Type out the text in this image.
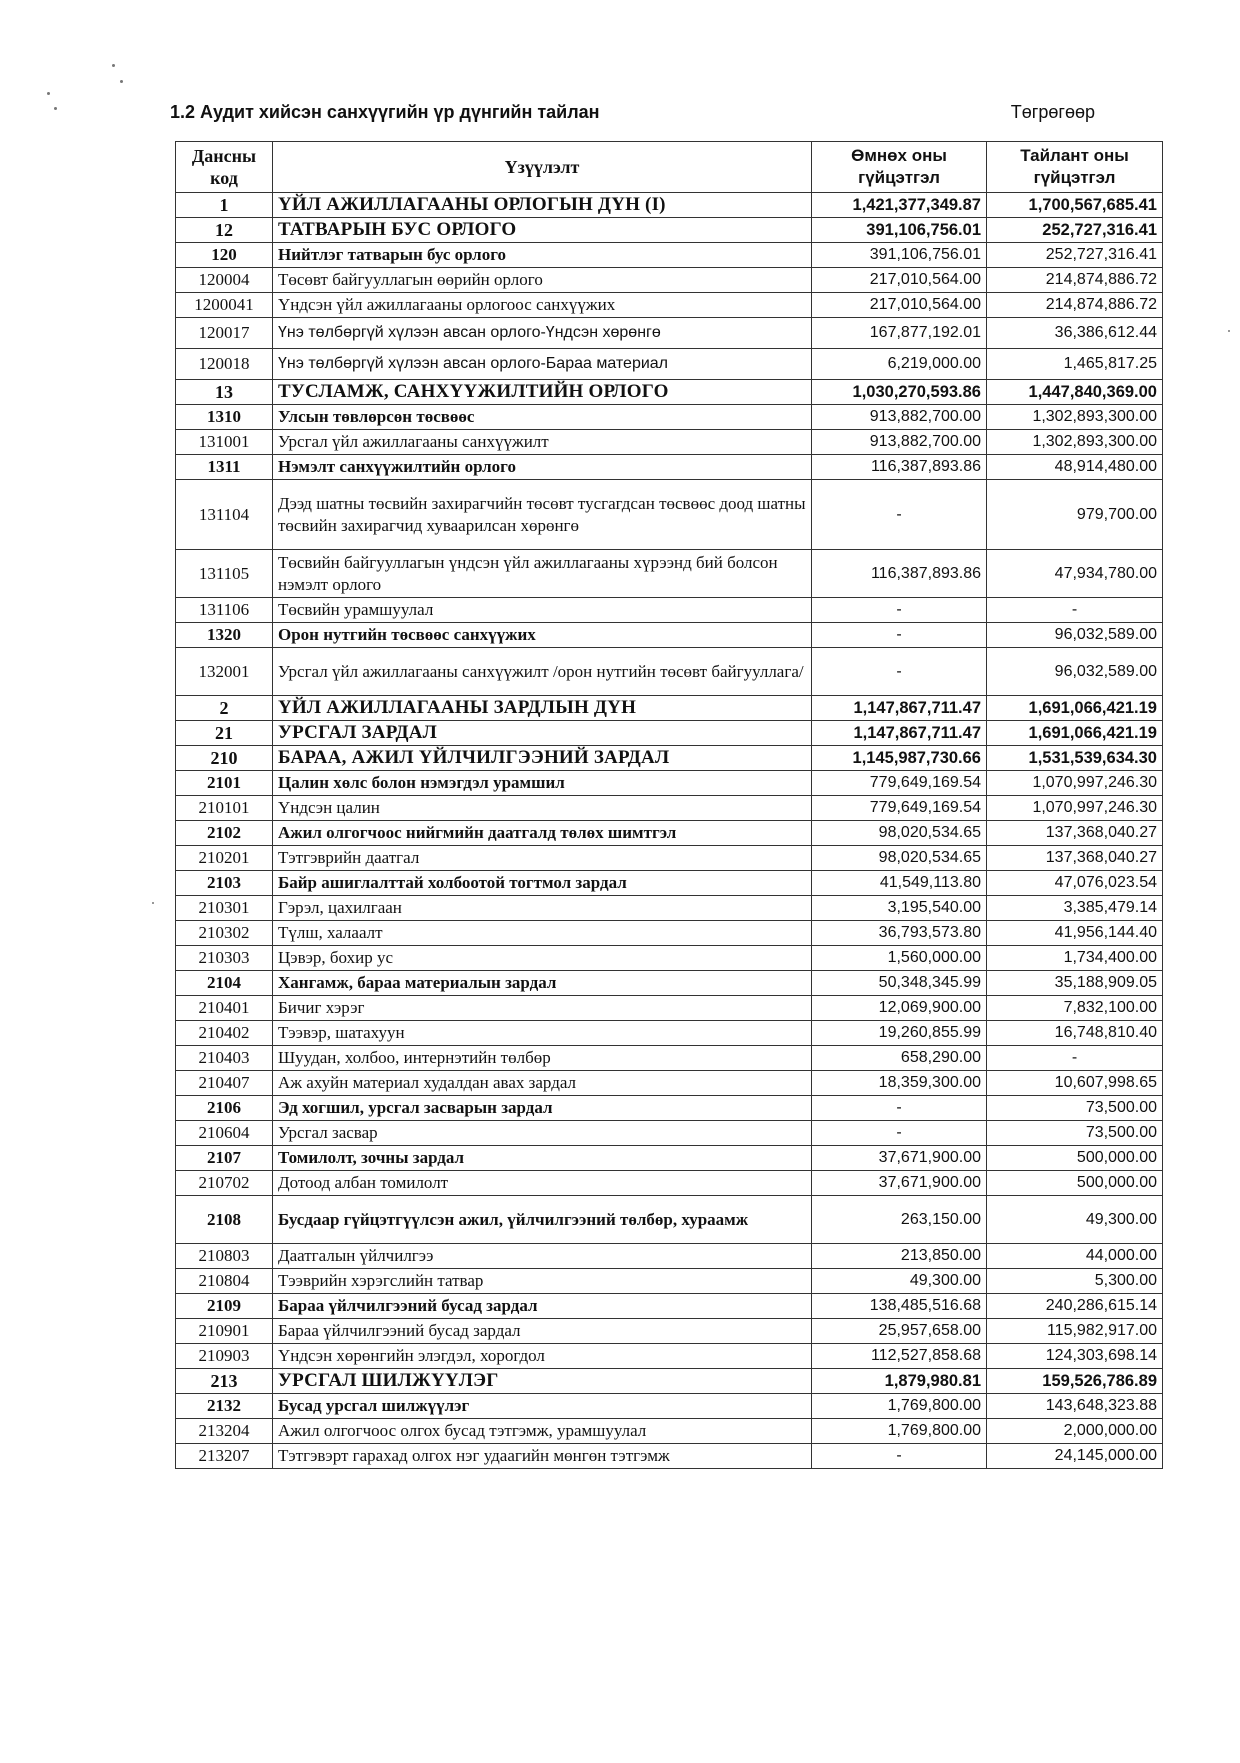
1.2 Аудит хийсэн санхүүгийн үр дүнгийн тайлан	Төгрөгөөр
Дансны код	Үзүүлэлт	Өмнөх оны гүйцэтгэл	Тайлант оны гүйцэтгэл
1	ҮЙЛ АЖИЛЛАГААНЫ ОРЛОГЫН ДҮН (I)	1,421,377,349.87	1,700,567,685.41
12	ТАТВАРЫН БУС ОРЛОГО	391,106,756.01	252,727,316.41
120	Нийтлэг татварын бус орлого	391,106,756.01	252,727,316.41
120004	Төсөвт байгууллагын өөрийн орлого	217,010,564.00	214,874,886.72
1200041	Үндсэн үйл ажиллагааны орлогоос санхүүжих	217,010,564.00	214,874,886.72
120017	Үнэ төлбөргүй хүлээн авсан орлого-Үндсэн хөрөнгө	167,877,192.01	36,386,612.44
120018	Үнэ төлбөргүй хүлээн авсан орлого-Бараа материал	6,219,000.00	1,465,817.25
13	ТУСЛАМЖ, САНХҮҮЖИЛТИЙН ОРЛОГО	1,030,270,593.86	1,447,840,369.00
1310	Улсын төвлөрсөн төсвөөс	913,882,700.00	1,302,893,300.00
131001	Урсгал үйл ажиллагааны санхүүжилт	913,882,700.00	1,302,893,300.00
1311	Нэмэлт санхүүжилтийн орлого	116,387,893.86	48,914,480.00
131104	Дээд шатны төсвийн захирагчийн төсөвт тусгагдсан төсвөөс доод шатны төсвийн захирагчид хуваарилсан хөрөнгө	-	979,700.00
131105	Төсвийн байгууллагын үндсэн үйл ажиллагааны хүрээнд бий болсон нэмэлт орлого	116,387,893.86	47,934,780.00
131106	Төсвийн урамшуулал	-	-
1320	Орон нутгийн төсвөөс санхүүжих	-	96,032,589.00
132001	Урсгал үйл ажиллагааны санхүүжилт /орон нутгийн төсөвт байгууллага/	-	96,032,589.00
2	ҮЙЛ АЖИЛЛАГААНЫ ЗАРДЛЫН ДҮН	1,147,867,711.47	1,691,066,421.19
21	УРСГАЛ ЗАРДАЛ	1,147,867,711.47	1,691,066,421.19
210	БАРАА, АЖИЛ ҮЙЛЧИЛГЭЭНИЙ ЗАРДАЛ	1,145,987,730.66	1,531,539,634.30
2101	Цалин хөлс болон нэмэгдэл урамшил	779,649,169.54	1,070,997,246.30
210101	Үндсэн цалин	779,649,169.54	1,070,997,246.30
2102	Ажил олгогчоос нийгмийн даатгалд төлөх шимтгэл	98,020,534.65	137,368,040.27
210201	Тэтгэврийн даатгал	98,020,534.65	137,368,040.27
2103	Байр ашиглалттай холбоотой тогтмол зардал	41,549,113.80	47,076,023.54
210301	Гэрэл, цахилгаан	3,195,540.00	3,385,479.14
210302	Түлш, халаалт	36,793,573.80	41,956,144.40
210303	Цэвэр, бохир ус	1,560,000.00	1,734,400.00
2104	Хангамж, бараа материалын зардал	50,348,345.99	35,188,909.05
210401	Бичиг хэрэг	12,069,900.00	7,832,100.00
210402	Тээвэр, шатахуун	19,260,855.99	16,748,810.40
210403	Шуудан, холбоо, интернэтийн төлбөр	658,290.00	-
210407	Аж ахуйн материал худалдан авах зардал	18,359,300.00	10,607,998.65
2106	Эд хогшил, урсгал засварын зардал	-	73,500.00
210604	Урсгал засвар	-	73,500.00
2107	Томилолт, зочны зардал	37,671,900.00	500,000.00
210702	Дотоод албан томилолт	37,671,900.00	500,000.00
2108	Бусдаар гүйцэтгүүлсэн ажил, үйлчилгээний төлбөр, хураамж	263,150.00	49,300.00
210803	Даатгалын үйлчилгээ	213,850.00	44,000.00
210804	Тээврийн хэрэгслийн татвар	49,300.00	5,300.00
2109	Бараа үйлчилгээний бусад зардал	138,485,516.68	240,286,615.14
210901	Бараа үйлчилгээний бусад зардал	25,957,658.00	115,982,917.00
210903	Үндсэн хөрөнгийн элэгдэл, хорогдол	112,527,858.68	124,303,698.14
213	УРСГАЛ ШИЛЖҮҮЛЭГ	1,879,980.81	159,526,786.89
2132	Бусад урсгал шилжүүлэг	1,769,800.00	143,648,323.88
213204	Ажил олгогчоос олгох бусад тэтгэмж, урамшуулал	1,769,800.00	2,000,000.00
213207	Тэтгэвэрт гарахад олгох нэг удаагийн мөнгөн тэтгэмж	-	24,145,000.00
